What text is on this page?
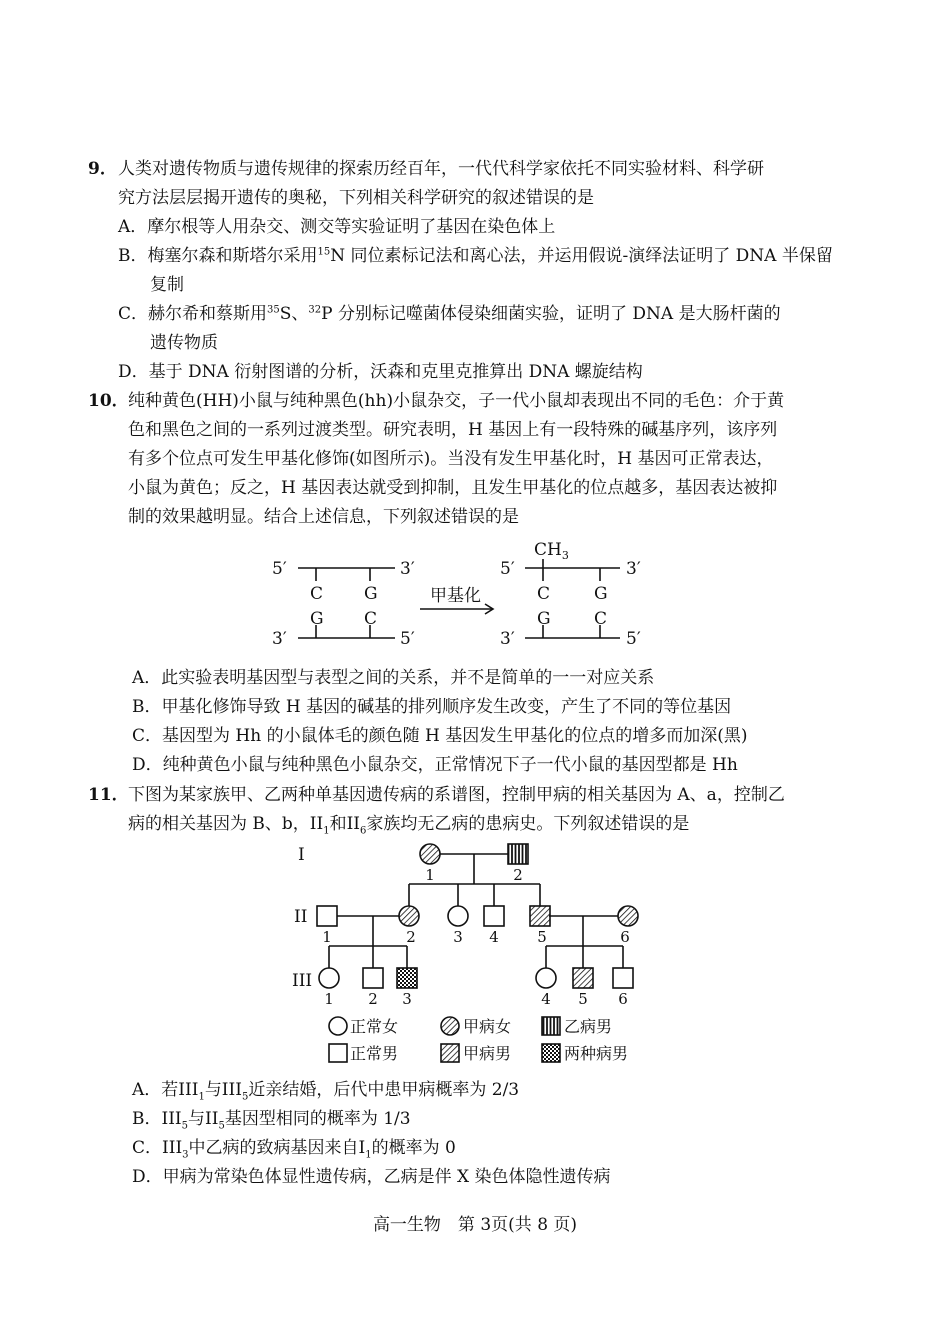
9． 人类对遗传物质与遗传规律的探索历经百年，一代代科学家依托不同实验材料、科学研
究方法层层揭开遗传的奥秘，下列相关科学研究的叙述错误的是
A．摩尔根等人用杂交、测交等实验证明了基因在染色体上
B．梅塞尔森和斯塔尔采用$^{15}$N 同位素标记法和离心法，并运用假说-演绎法证明了 DNA 半保留
复制
C．赫尔希和蔡斯用$^{35}$S、$^{32}$P 分别标记噬菌体侵染细菌实验，证明了 DNA 是大肠杆菌的
遗传物质
D．基于 DNA 衍射图谱的分析，沃森和克里克推算出 DNA 螺旋结构
10． 纯种黄色(HH)小鼠与纯种黑色(hh)小鼠杂交，子一代小鼠却表现出不同的毛色：介于黄
色和黑色之间的一系列过渡类型。研究表明，H 基因上有一段特殊的碱基序列，该序列
有多个位点可发生甲基化修饰(如图所示)。当没有发生甲基化时，H 基因可正常表达，
小鼠为黄色；反之，H 基因表达就受到抑制，且发生甲基化的位点越多，基因表达被抑
制的效果越明显。结合上述信息，下列叙述错误的是
5′	3′
C G
G C
3′	5′
甲基化
$CH_3$
5′	3′
C	G
G	C
3′	5′
A．此实验表明基因型与表型之间的关系，并不是简单的一一对应关系
B．甲基化修饰导致 H 基因的碱基的排列顺序发生改变，产生了不同的等位基因
C．基因型为 Hh 的小鼠体毛的颜色随 H 基因发生甲基化的位点的增多而加深(黑)
D．纯种黄色小鼠与纯种黑色小鼠杂交，正常情况下子一代小鼠的基因型都是 Hh
11． 下图为某家族甲、乙两种单基因遗传病的系谱图，控制甲病的相关基因为 A、a，控制乙
病的相关基因为 B、b，$II_1$和$II_6$家族均无乙病的患病史。下列叙述错误的是
I
II
III
1	2
1	2 3 4	5	6
1 2 3	4 5 6
正常女	甲病女	乙病男
正常男	甲病男	两种病男
A．若$III_1$与$III_5$近亲结婚，后代中患甲病概率为 2/3
B．$III_5$与$II_5$基因型相同的概率为 1/3
C．$III_3$中乙病的致病基因来自$I_1$的概率为 0
D．甲病为常染色体显性遗传病，乙病是伴 X 染色体隐性遗传病
高一生物　第 3页(共 8 页)
